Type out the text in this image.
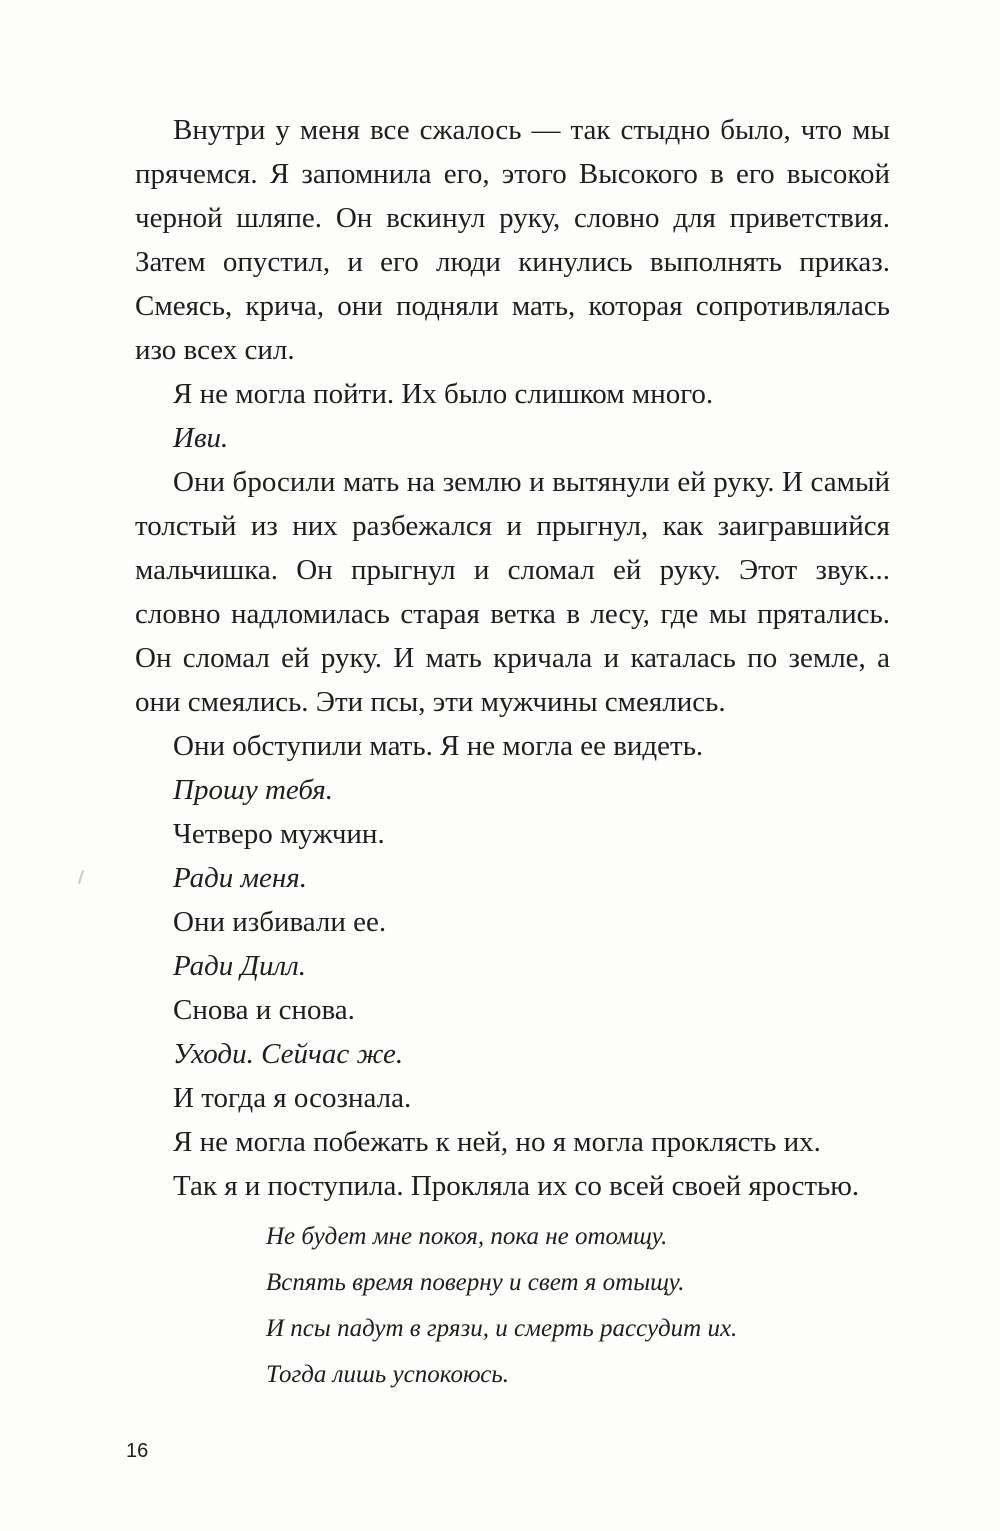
Внутри у меня все сжалось — так стыдно было, что мы прячемся. Я запомнила его, этого Высокого в его высокой черной шляпе. Он вскинул руку, словно для приветствия. Затем опустил, и его люди кинулись выполнять приказ. Смеясь, крича, они подняли мать, которая сопротивлялась изо всех сил.

Я не могла пойти. Их было слишком много.

Иви.

Они бросили мать на землю и вытянули ей руку. И самый толстый из них разбежался и прыгнул, как заигравшийся мальчишка. Он прыгнул и сломал ей руку. Этот звук... словно надломилась старая ветка в лесу, где мы прятались. Он сломал ей руку. И мать кричала и каталась по земле, а они смеялись. Эти псы, эти мужчины смеялись.

Они обступили мать. Я не могла ее видеть.

Прошу тебя.

Четверо мужчин.

Ради меня.

Они избивали ее.

Ради Дилл.

Снова и снова.

Уходи. Сейчас же.

И тогда я осознала.

Я не могла побежать к ней, но я могла проклясть их.

Так я и поступила. Прокляла их со всей своей яростью.

Не будет мне покоя, пока не отомщу.

Вспять время поверну и свет я отыщу.

И псы падут в грязи, и смерть рассудит их.

Тогда лишь успокоюсь.

16
